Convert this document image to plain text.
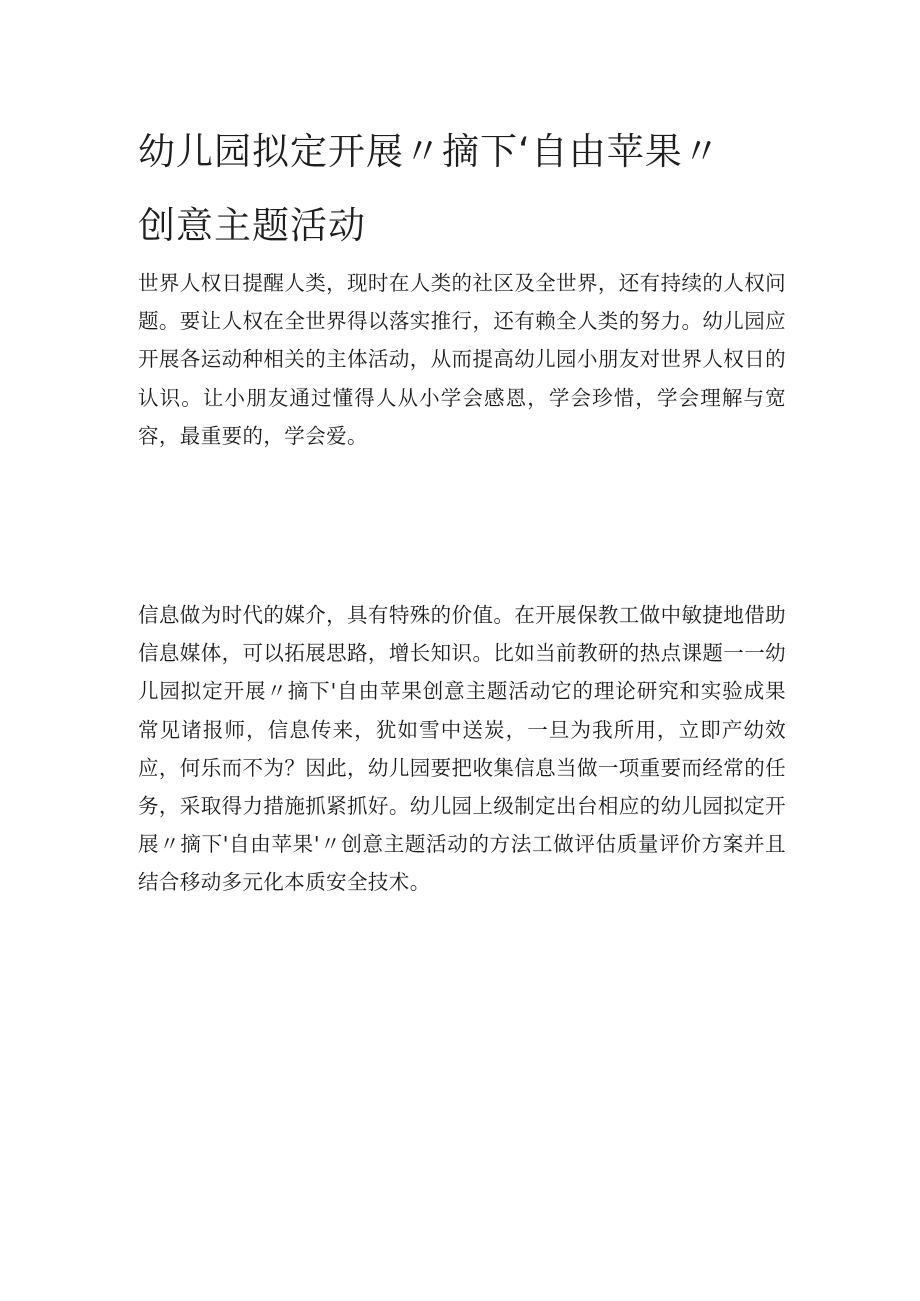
幼儿园拟定开展〃摘下‘自由苹果〃
创意主题活动

世界人权日提醒人类，现时在人类的社区及全世界，还有持续的人权问题。要让人权在全世界得以落实推行，还有赖全人类的努力。幼儿园应开展各运动种相关的主体活动，从而提高幼儿园小朋友对世界人权日的认识。让小朋友通过懂得人从小学会感恩，学会珍惜，学会理解与宽容，最重要的，学会爱。

信息做为时代的媒介，具有特殊的价值。在开展保教工做中敏捷地借助信息媒体，可以拓展思路，增长知识。比如当前教研的热点课题一一幼儿园拟定开展〃摘下'自由苹果创意主题活动它的理论研究和实验成果常见诸报师，信息传来，犹如雪中送炭，一旦为我所用，立即产幼效应，何乐而不为？因此，幼儿园要把收集信息当做一项重要而经常的任务，采取得力措施抓紧抓好。幼儿园上级制定出台相应的幼儿园拟定开展〃摘下'自由苹果'〃创意主题活动的方法工做评估质量评价方案并且结合移动多元化本质安全技术。
